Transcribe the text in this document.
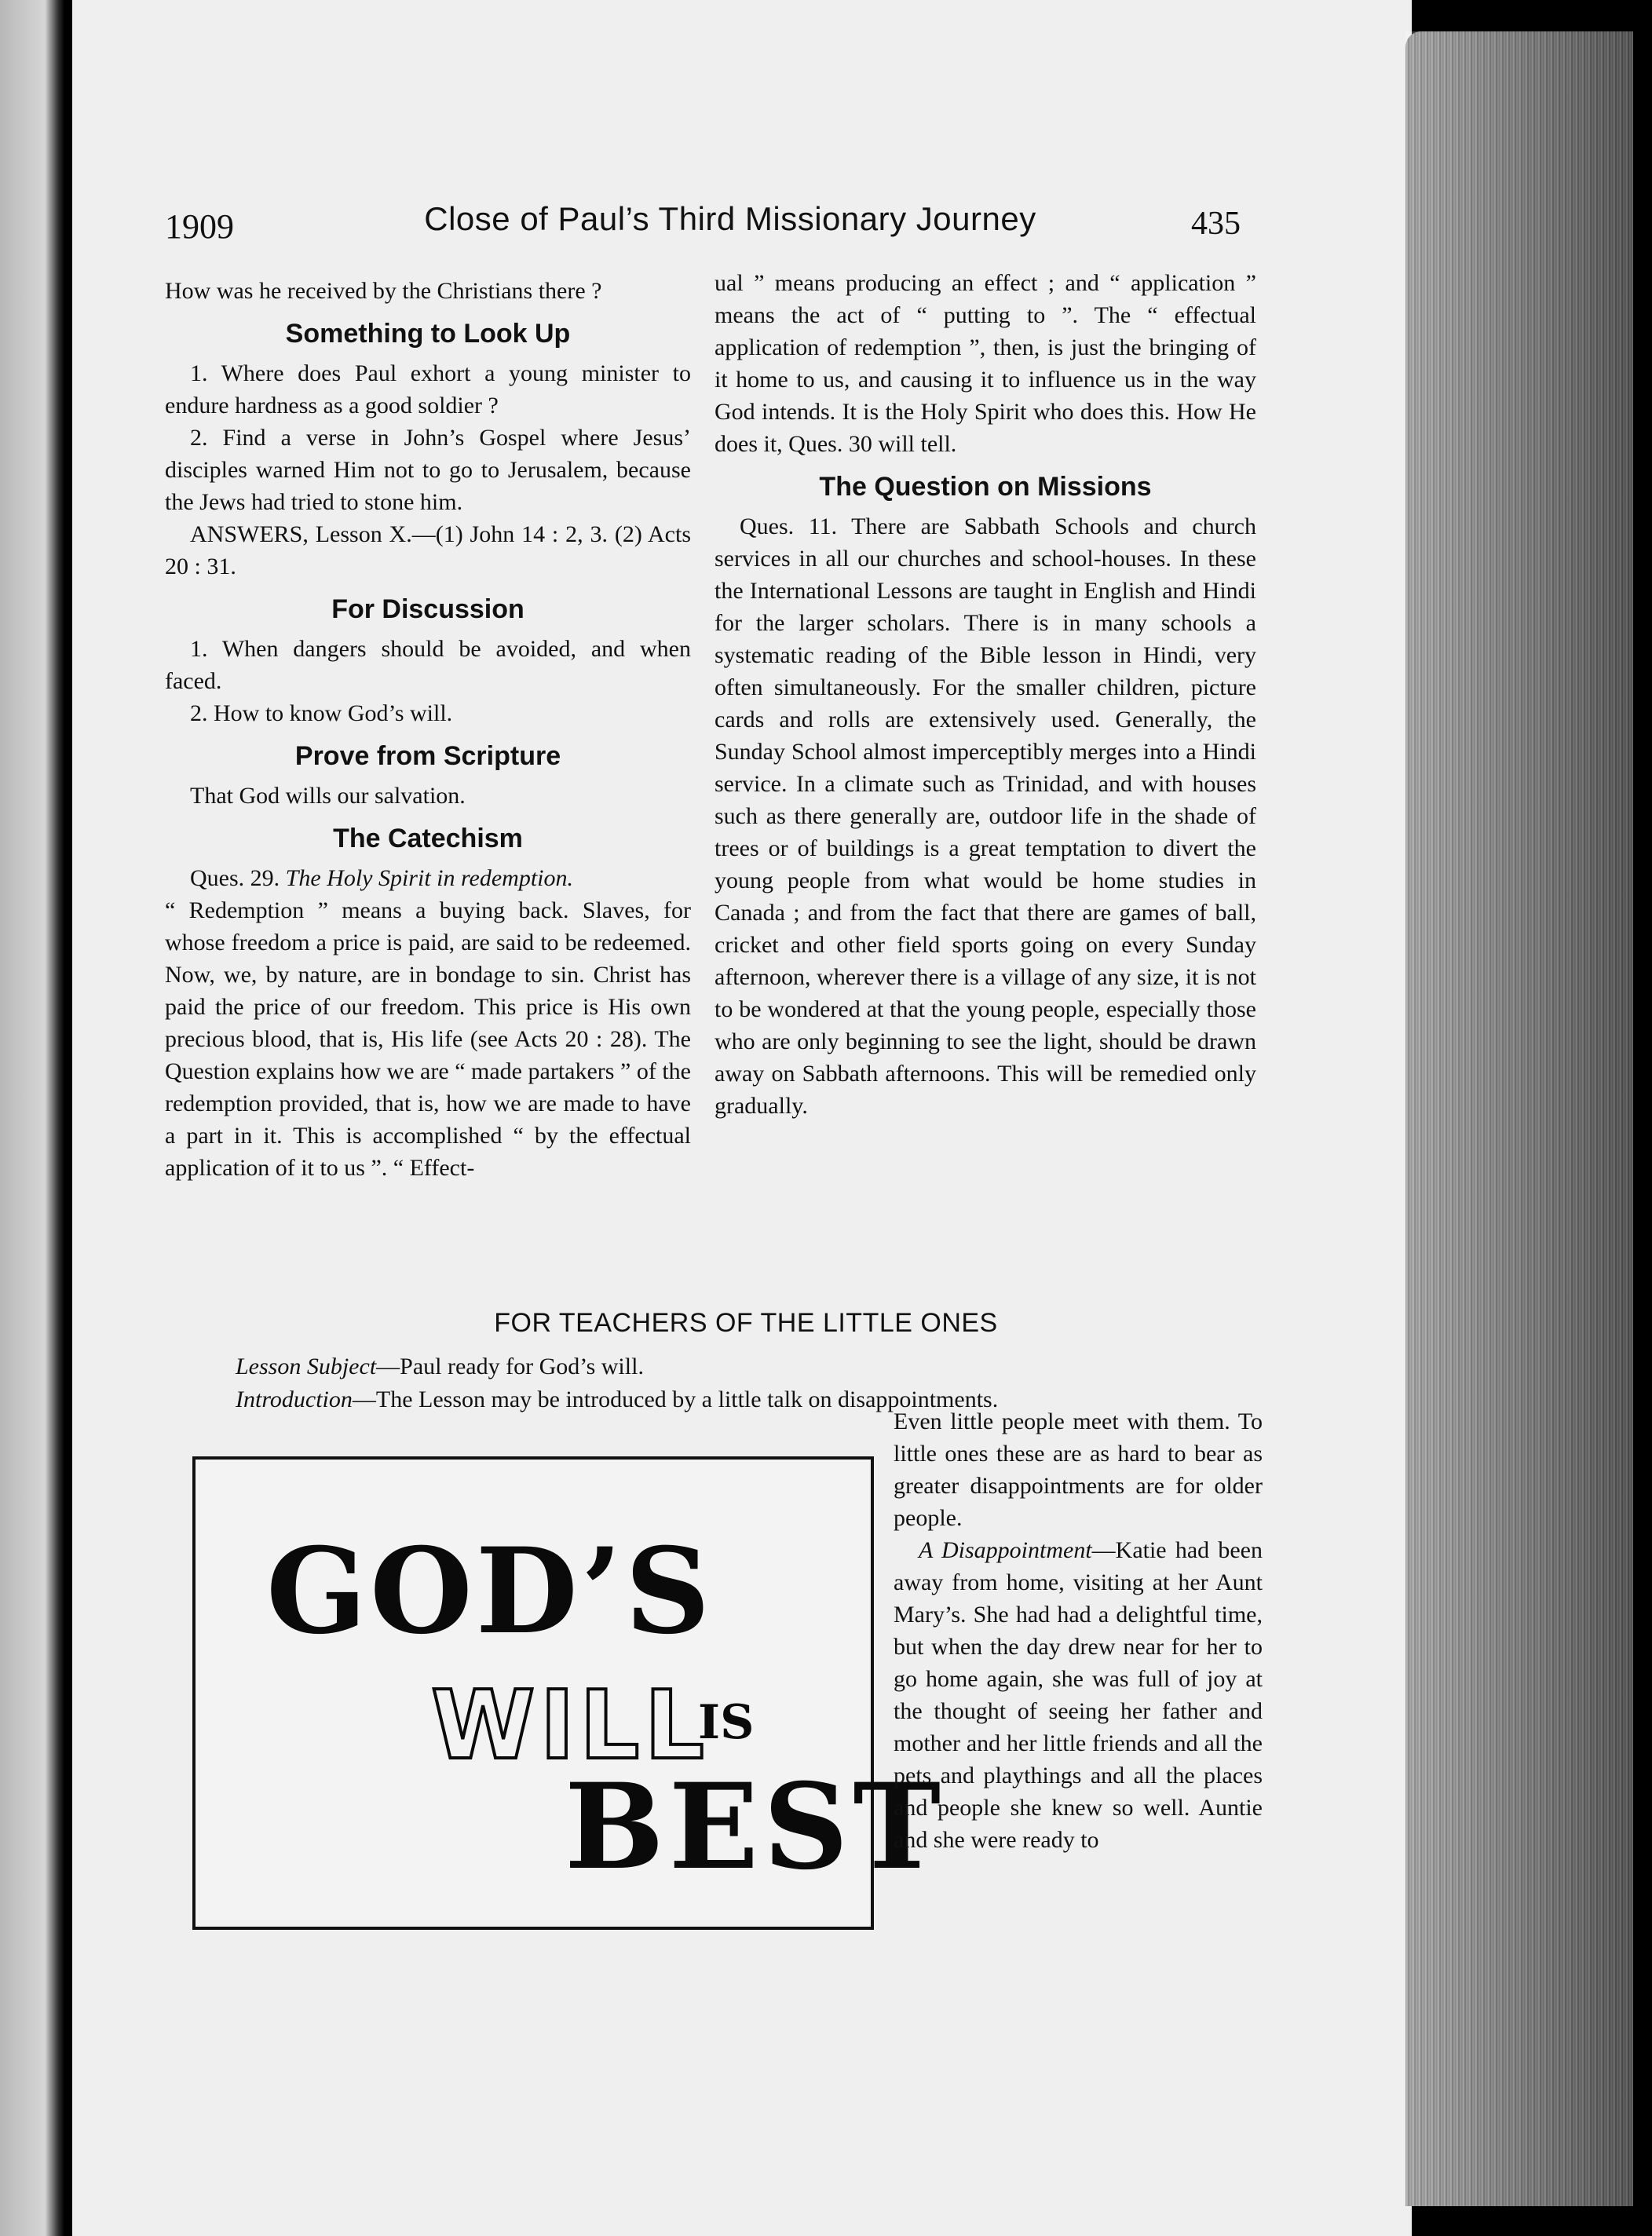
1909	Close of Paul’s Third Missionary Journey	435

How was he received by the Christians there ?

Something to Look Up

1. Where does Paul exhort a young minister to endure hardness as a good soldier ?

2. Find a verse in John’s Gospel where Jesus’ disciples warned Him not to go to Jerusalem, because the Jews had tried to stone him.

ANSWERS, Lesson X.—(1) John 14 : 2, 3. (2) Acts 20 : 31.

For Discussion

1. When dangers should be avoided, and when faced.

2. How to know God’s will.

Prove from Scripture

That God wills our salvation.

The Catechism

Ques. 29. The Holy Spirit in redemption.

“ Redemption ” means a buying back. Slaves, for whose freedom a price is paid, are said to be redeemed. Now, we, by nature, are in bondage to sin. Christ has paid the price of our freedom. This price is His own precious blood, that is, His life (see Acts 20 : 28). The Question explains how we are “ made partakers ” of the redemption provided, that is, how we are made to have a part in it. This is accomplished “ by the effectual application of it to us ”. “ Effect-

ual ” means producing an effect ; and “ application ” means the act of “ putting to ”. The “ effectual application of redemption ”, then, is just the bringing of it home to us, and causing it to influence us in the way God intends. It is the Holy Spirit who does this. How He does it, Ques. 30 will tell.

The Question on Missions

Ques. 11. There are Sabbath Schools and church services in all our churches and school-houses. In these the International Lessons are taught in English and Hindi for the larger scholars. There is in many schools a systematic reading of the Bible lesson in Hindi, very often simultaneously. For the smaller children, picture cards and rolls are extensively used. Generally, the Sunday School almost imperceptibly merges into a Hindi service. In a climate such as Trinidad, and with houses such as there generally are, outdoor life in the shade of trees or of buildings is a great temptation to divert the young people from what would be home studies in Canada ; and from the fact that there are games of ball, cricket and other field sports going on every Sunday afternoon, wherever there is a village of any size, it is not to be wondered at that the young people, especially those who are only beginning to see the light, should be drawn away on Sabbath afternoons. This will be remedied only gradually.

FOR TEACHERS OF THE LITTLE ONES

Lesson Subject—Paul ready for God’s will.

Introduction—The Lesson may be introduced by a little talk on disappointments.

GOD’S
WILL
IS
BEST

Even little people meet with them. To little ones these are as hard to bear as greater disappointments are for older people.

A Disappointment—Katie had been away from home, visiting at her Aunt Mary’s. She had had a delightful time, but when the day drew near for her to go home again, she was full of joy at the thought of seeing her father and mother and her little friends and all the pets and playthings and all the places and people she knew so well. Auntie and she were ready to
